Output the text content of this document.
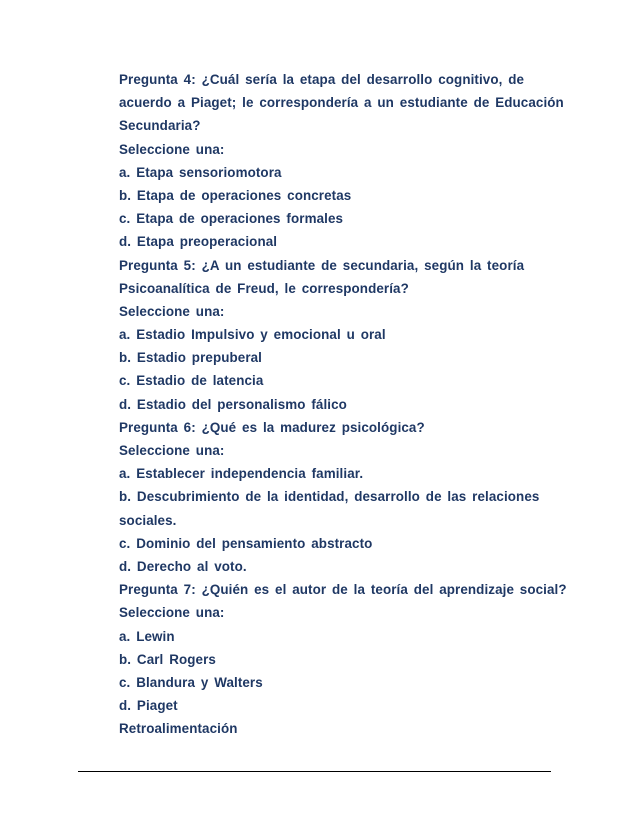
Pregunta 4: ¿Cuál sería la etapa del desarrollo cognitivo, de
acuerdo a Piaget; le correspondería a un estudiante de Educación
Secundaria?
Seleccione una:
a. Etapa sensoriomotora
b. Etapa de operaciones concretas
c. Etapa de operaciones formales
d. Etapa preoperacional
Pregunta 5: ¿A un estudiante de secundaria, según la teoría
Psicoanalítica de Freud, le correspondería?
Seleccione una:
a. Estadio Impulsivo y emocional u oral
b. Estadio prepuberal
c. Estadio de latencia
d. Estadio del personalismo fálico
Pregunta 6: ¿Qué es la madurez psicológica?
Seleccione una:
a. Establecer independencia familiar.
b. Descubrimiento de la identidad, desarrollo de las relaciones
sociales.
c. Dominio del pensamiento abstracto
d. Derecho al voto.
Pregunta 7: ¿Quién es el autor de la teoría del aprendizaje social?
Seleccione una:
a. Lewin
b. Carl Rogers
c. Blandura y Walters
d. Piaget
Retroalimentación
